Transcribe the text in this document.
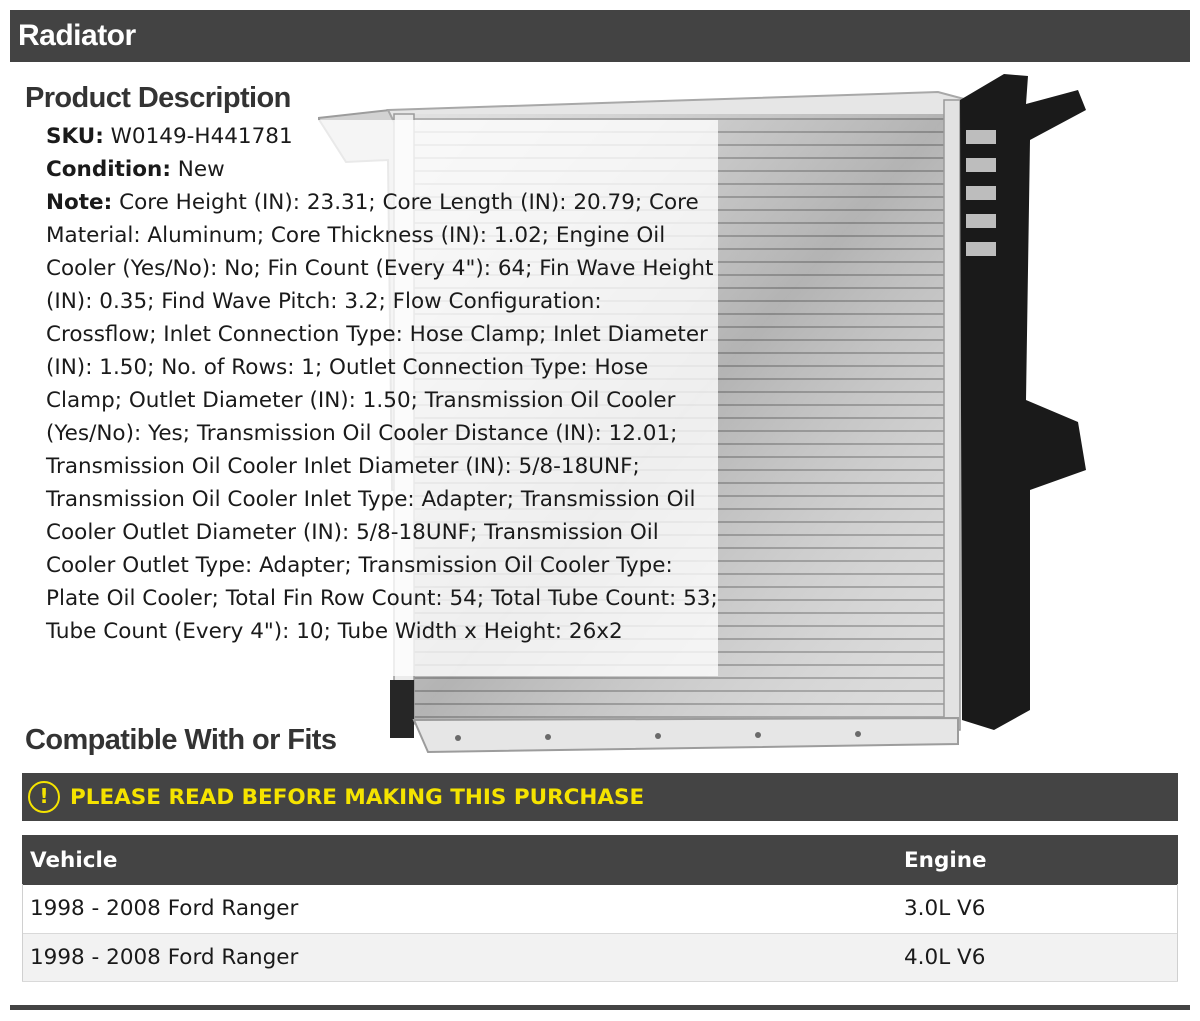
Radiator
Product Description
SKU: W0149-H441781
Condition: New
Note: Core Height (IN): 23.31; Core Length (IN): 20.79; Core Material: Aluminum; Core Thickness (IN): 1.02; Engine Oil Cooler (Yes/No): No; Fin Count (Every 4"): 64; Fin Wave Height (IN): 0.35; Find Wave Pitch: 3.2; Flow Configuration: Crossflow; Inlet Connection Type: Hose Clamp; Inlet Diameter (IN): 1.50; No. of Rows: 1; Outlet Connection Type: Hose Clamp; Outlet Diameter (IN): 1.50; Transmission Oil Cooler (Yes/No): Yes; Transmission Oil Cooler Distance (IN): 12.01; Transmission Oil Cooler Inlet Diameter (IN): 5/8-18UNF; Transmission Oil Cooler Inlet Type: Adapter; Transmission Oil Cooler Outlet Diameter (IN): 5/8-18UNF; Transmission Oil Cooler Outlet Type: Adapter; Transmission Oil Cooler Type: Plate Oil Cooler; Total Fin Row Count: 54; Total Tube Count: 53; Tube Count (Every 4"): 10; Tube Width x Height: 26x2
Compatible With or Fits
! PLEASE READ BEFORE MAKING THIS PURCHASE
Vehicle	Engine
1998 - 2008 Ford Ranger	3.0L V6
1998 - 2008 Ford Ranger	4.0L V6
